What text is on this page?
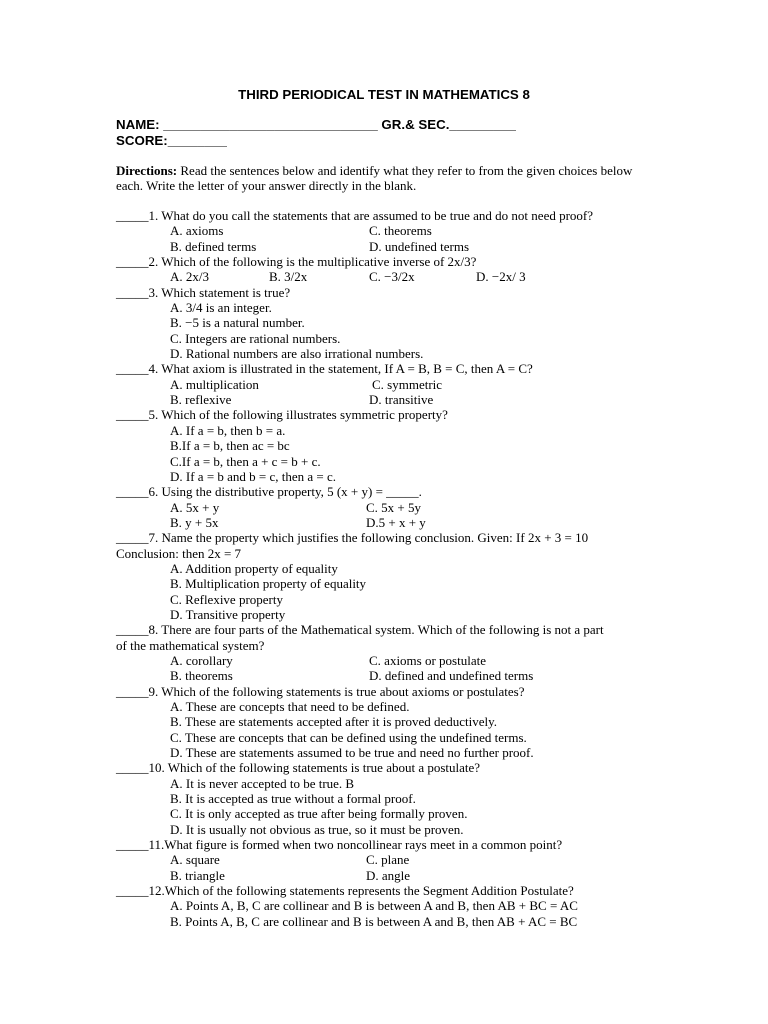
THIRD PERIODICAL TEST IN MATHEMATICS 8
NAME: _____________________________ GR.& SEC._________
SCORE:________
Directions: Read the sentences below and identify what they refer to from the given choices below each. Write the letter of your answer directly in the blank.
_____1. What do you call the statements that are assumed to be true and do not need proof?
A. axioms	C. theorems
B. defined terms	D. undefined terms
_____2. Which of the following is the multiplicative inverse of 2x/3?
A. 2x/3	B. 3/2x	C. −3/2x	D. −2x/ 3
_____3. Which statement is true?
A. 3/4 is an integer.
B. −5 is a natural number.
C. Integers are rational numbers.
D. Rational numbers are also irrational numbers.
_____4. What axiom is illustrated in the statement, If A = B, B = C, then A = C?
A. multiplication	C. symmetric
B. reflexive	D. transitive
_____5. Which of the following illustrates symmetric property?
A. If a = b, then b = a.
B.If a = b, then ac = bc
C.If a = b, then a + c = b + c.
D. If a = b and b = c, then a = c.
_____6. Using the distributive property, 5 (x + y) = _____.
A. 5x + y	C. 5x + 5y
B. y + 5x	D.5 + x + y
_____7. Name the property which justifies the following conclusion. Given: If 2x + 3 = 10
Conclusion: then 2x = 7
A. Addition property of equality
B. Multiplication property of equality
C. Reflexive property
D. Transitive property
_____8. There are four parts of the Mathematical system. Which of the following is not a part
of the mathematical system?
A. corollary	C. axioms or postulate
B. theorems	D. defined and undefined terms
_____9. Which of the following statements is true about axioms or postulates?
A. These are concepts that need to be defined.
B. These are statements accepted after it is proved deductively.
C. These are concepts that can be defined using the undefined terms.
D. These are statements assumed to be true and need no further proof.
_____10. Which of the following statements is true about a postulate?
A. It is never accepted to be true. B
B. It is accepted as true without a formal proof.
C. It is only accepted as true after being formally proven.
D. It is usually not obvious as true, so it must be proven.
_____11.What figure is formed when two noncollinear rays meet in a common point?
A. square	C. plane
B. triangle	D. angle
_____12.Which of the following statements represents the Segment Addition Postulate?
A. Points A, B, C are collinear and B is between A and B, then AB + BC = AC
B. Points A, B, C are collinear and B is between A and B, then AB + AC = BC
